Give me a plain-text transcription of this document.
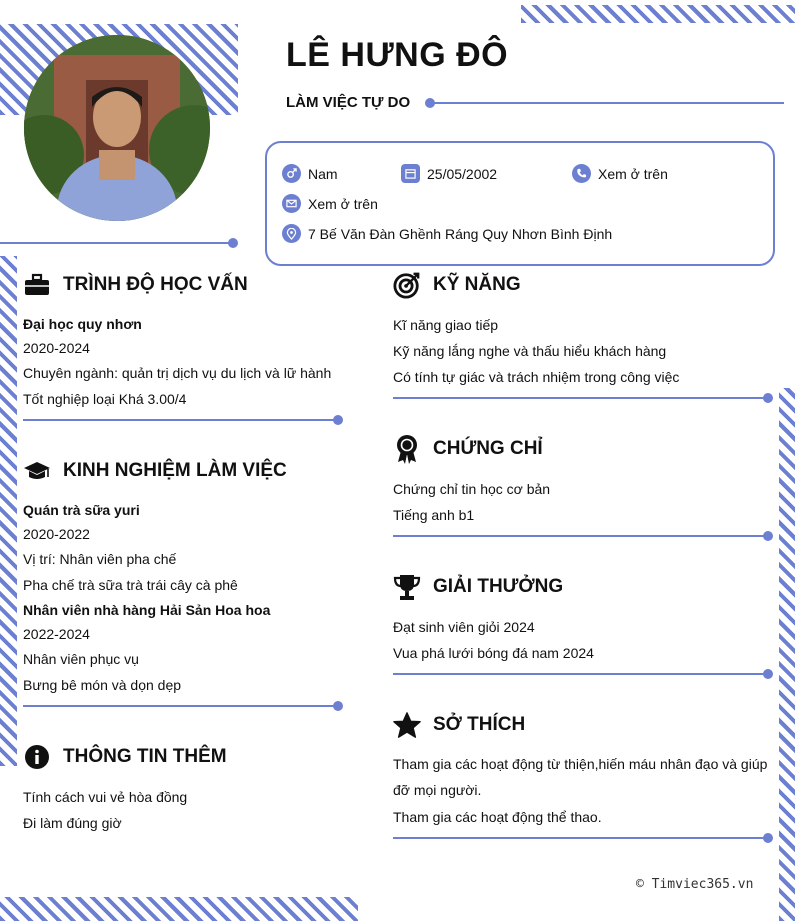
LÊ HƯNG ĐÔ
LÀM VIỆC TỰ DO
Nam	25/05/2002	Xem ở trên
Xem ở trên
7 Bế Văn Đàn Ghềnh Ráng Quy Nhơn Bình Định
TRÌNH ĐỘ HỌC VẤN
Đại học quy nhơn
2020-2024
Chuyên ngành: quản trị dịch vụ du lịch và lữ hành
Tốt nghiệp loại Khá 3.00/4
KINH NGHIỆM LÀM VIỆC
Quán trà sữa yuri
2020-2022
Vị trí: Nhân viên pha chế
Pha chế trà sữa trà trái cây cà phê
Nhân viên nhà hàng Hải Sản Hoa hoa
2022-2024
Nhân viên phục vụ
Bưng bê món và dọn dẹp
THÔNG TIN THÊM
Tính cách vui vẻ hòa đồng
Đi làm đúng giờ
KỸ NĂNG
Kĩ năng giao tiếp
Kỹ năng lắng nghe và thấu hiểu khách hàng
Có tính tự giác và trách nhiệm trong công việc
CHỨNG CHỈ
Chứng chỉ tin học cơ bản
Tiếng anh b1
GIẢI THƯỞNG
Đạt sinh viên giỏi 2024
Vua phá lưới bóng đá nam 2024
SỞ THÍCH
Tham gia các hoạt động từ thiện,hiến máu nhân đạo và giúp đỡ mọi người.
Tham gia các hoạt động thể thao.
© Timviec365.vn
